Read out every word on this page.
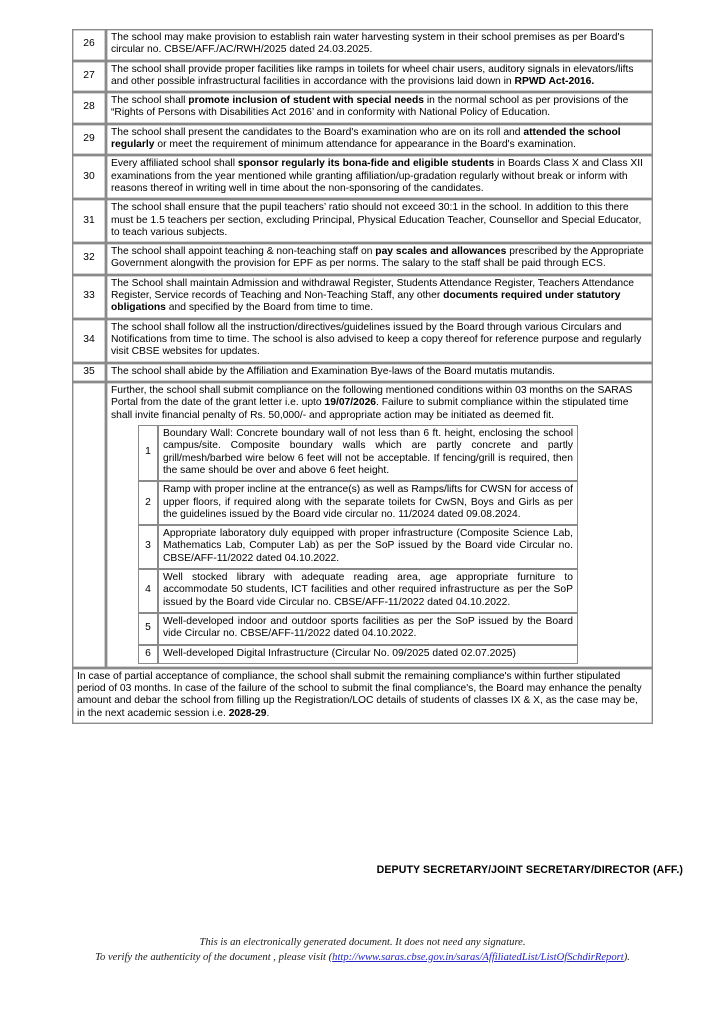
26	The school may make provision to establish rain water harvesting system in their school premises as per Board's circular no. CBSE/AFF./AC/RWH/2025 dated 24.03.2025.
27	The school shall provide proper facilities like ramps in toilets for wheel chair users, auditory signals in elevators/lifts and other possible infrastructural facilities in accordance with the provisions laid down in RPWD Act-2016.
28	The school shall promote inclusion of student with special needs in the normal school as per provisions of the “Rights of Persons with Disabilities Act 2016’ and in conformity with National Policy of Education.
29	The school shall present the candidates to the Board's examination who are on its roll and attended the school regularly or meet the requirement of minimum attendance for appearance in the Board's examination.
30	Every affiliated school shall sponsor regularly its bona-fide and eligible students in Boards Class X and Class XII examinations from the year mentioned while granting affiliation/up-gradation regularly without break or inform with reasons thereof in writing well in time about the non-sponsoring of the candidates.
31	The school shall ensure that the pupil teachers’ ratio should not exceed 30:1 in the school. In addition to this there must be 1.5 teachers per section, excluding Principal, Physical Education Teacher, Counsellor and Special Educator, to teach various subjects.
32	The school shall appoint teaching & non-teaching staff on pay scales and allowances prescribed by the Appropriate Government alongwith the provision for EPF as per norms. The salary to the staff shall be paid through ECS.
33	The School shall maintain Admission and withdrawal Register, Students Attendance Register, Teachers Attendance Register, Service records of Teaching and Non-Teaching Staff, any other documents required under statutory obligations and specified by the Board from time to time.
34	The school shall follow all the instruction/directives/guidelines issued by the Board through various Circulars and Notifications from time to time. The school is also advised to keep a copy thereof for reference purpose and regularly visit CBSE websites for updates.
35	The school shall abide by the Affiliation and Examination Bye-laws of the Board mutatis mutandis.

Further, the school shall submit compliance on the following mentioned conditions within 03 months on the SARAS Portal from the date of the grant letter i.e. upto 19/07/2026. Failure to submit compliance within the stipulated time shall invite financial penalty of Rs. 50,000/- and appropriate action may be initiated as deemed fit.

1	Boundary Wall: Concrete boundary wall of not less than 6 ft. height, enclosing the school campus/site. Composite boundary walls which are partly concrete and partly grill/mesh/barbed wire below 6 feet will not be acceptable. If fencing/grill is required, then the same should be over and above 6 feet height.
2	Ramp with proper incline at the entrance(s) as well as Ramps/lifts for CWSN for access of upper floors, if required along with the separate toilets for CwSN, Boys and Girls as per the guidelines issued by the Board vide circular no. 11/2024 dated 09.08.2024.
3	Appropriate laboratory duly equipped with proper infrastructure (Composite Science Lab, Mathematics Lab, Computer Lab) as per the SoP issued by the Board vide Circular no. CBSE/AFF-11/2022 dated 04.10.2022.
4	Well stocked library with adequate reading area, age appropriate furniture to accommodate 50 students, ICT facilities and other required infrastructure as per the SoP issued by the Board vide Circular no. CBSE/AFF-11/2022 dated 04.10.2022.
5	Well-developed indoor and outdoor sports facilities as per the SoP issued by the Board vide Circular no. CBSE/AFF-11/2022 dated 04.10.2022.
6	Well-developed Digital Infrastructure (Circular No. 09/2025 dated 02.07.2025)

In case of partial acceptance of compliance, the school shall submit the remaining compliance's within further stipulated period of 03 months. In case of the failure of the school to submit the final compliance's, the Board may enhance the penalty amount and debar the school from filling up the Registration/LOC details of students of classes IX & X, as the case may be, in the next academic session i.e. 2028-29.
DEPUTY SECRETARY/JOINT SECRETARY/DIRECTOR (AFF.)
This is an electronically generated document. It does not need any signature.
To verify the authenticity of the document , please visit (http://www.saras.cbse.gov.in/saras/AffiliatedList/ListOfSchdirReport).
